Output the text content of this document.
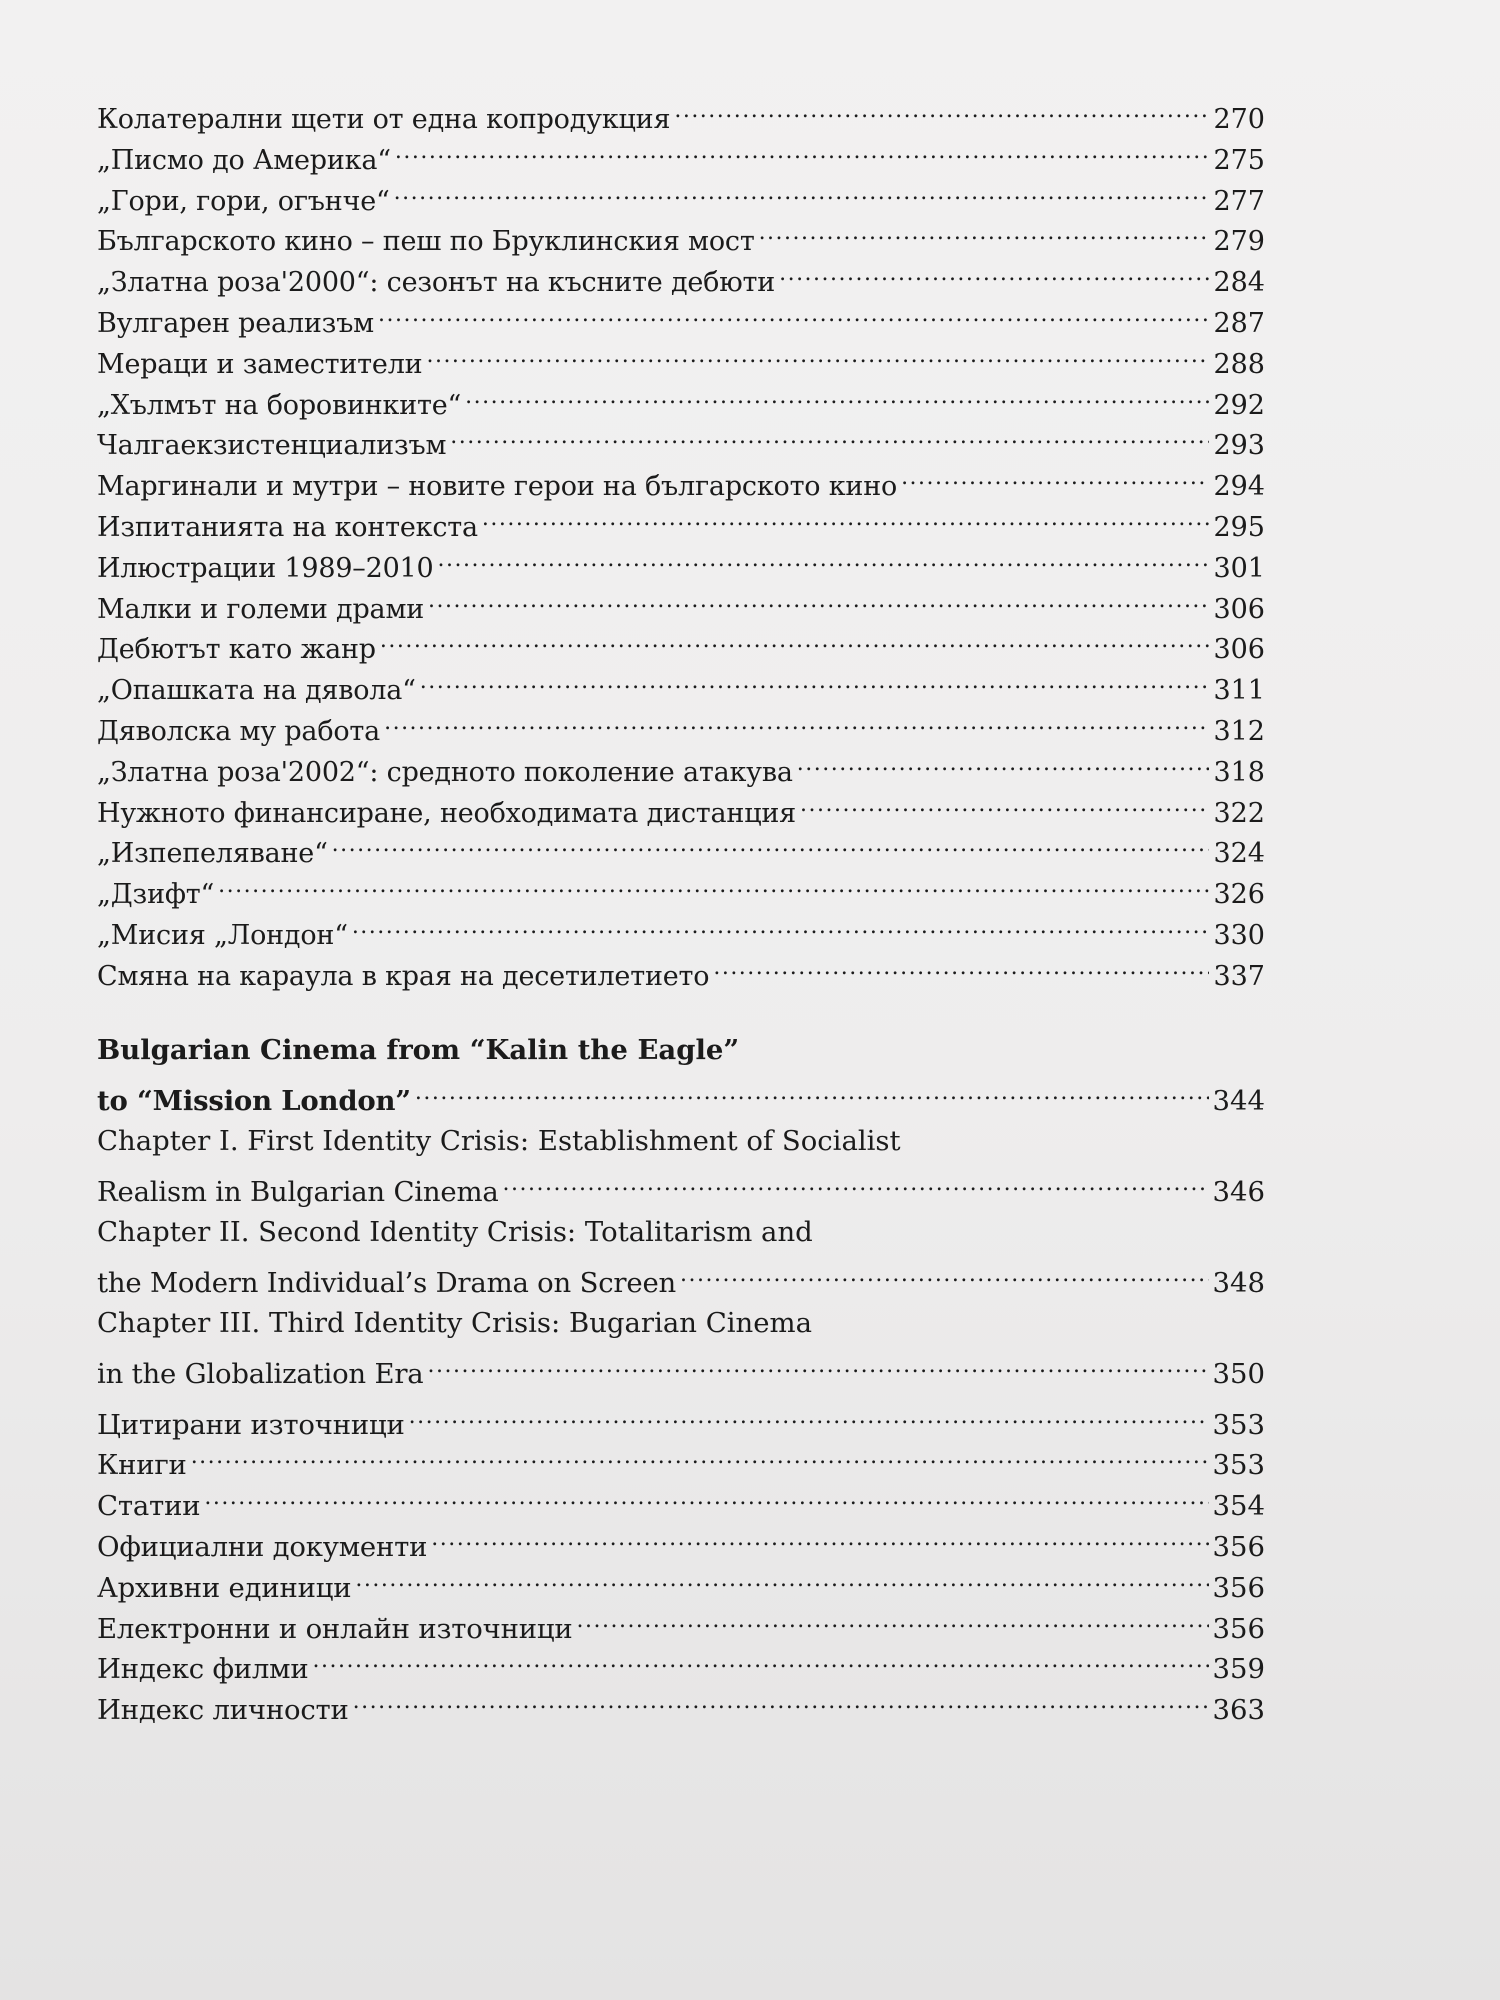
Колатерални щети от една копродукция .....	270
„Писмо до Америка“ .....	275
„Гори, гори, огънче“ .....	277
Българското кино – пеш по Бруклинския мост .....	279
„Златна роза'2000“: сезонът на късните дебюти .....	284
Вулгарен реализъм .....	287
Мераци и заместители .....	288
„Хълмът на боровинките“ .....	292
Чалгаекзистенциализъм .....	293
Маргинали и мутри – новите герои на българското кино .....	294
Изпитанията на контекста .....	295
Илюстрации 1989–2010 .....	301
Малки и големи драми .....	306
Дебютът като жанр .....	306
„Опашката на дявола“ .....	311
Дяволска му работа .....	312
„Златна роза'2002“: средното поколение атакува .....	318
Нужното финансиране, необходимата дистанция .....	322
„Изпепеляване“ .....	324
„Дзифт“ .....	326
„Мисия „Лондон“ .....	330
Смяна на караула в края на десетилетието .....	337
Bulgarian Cinema from “Kalin the Eagle”
to “Mission London” .....	344
Chapter I. First Identity Crisis: Establishment of Socialist
Realism in Bulgarian Cinema .....	346
Chapter II. Second Identity Crisis: Totalitarism and
the Modern Individual’s Drama on Screen .....	348
Chapter III. Third Identity Crisis: Bugarian Cinema
in the Globalization Era .....	350
Цитирани източници .....	353
Книги .....	353
Статии .....	354
Официални документи .....	356
Архивни единици .....	356
Електронни и онлайн източници .....	356
Индекс филми .....	359
Индекс личности .....	363
